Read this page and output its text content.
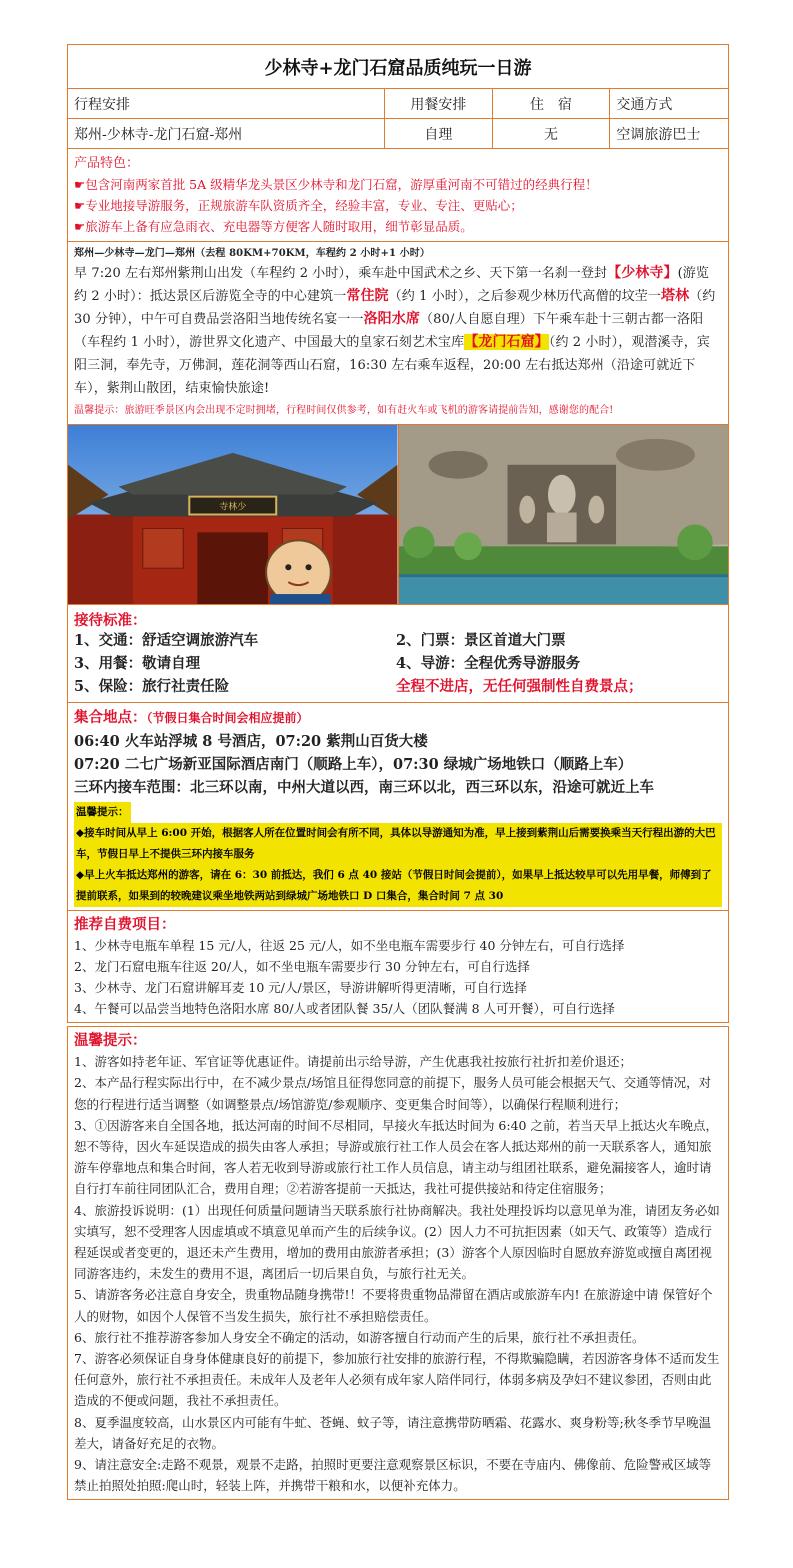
少林寺+龙门石窟品质纯玩一日游
行程安排	用餐安排	住　宿	交通方式
郑州-少林寺-龙门石窟-郑州	自理	无	空调旅游巴士
产品特色：
☛包含河南两家首批 5A 级精华龙头景区少林寺和龙门石窟，游厚重河南不可错过的经典行程！
☛专业地接导游服务，正规旅游车队资质齐全，经验丰富，专业、专注、更贴心；
☛旅游车上备有应急雨衣、充电器等方便客人随时取用，细节彰显品质。
郑州—少林寺—龙门—郑州（去程 80KM+70KM，车程约 2 小时+1 小时）
早 7:20 左右郑州紫荆山出发（车程约 2 小时），乘车赴中国武术之乡、天下第一名刹一登封【少林寺】(游览约 2 小时）：抵达景区后游览全寺的中心建筑一常住院（约 1 小时），之后参观少林历代高僧的坟茔一塔林（约 30 分钟），中午可自费品尝洛阳当地传统名宴一一洛阳水席（80/人自愿自理）下午乘车赴十三朝古都一洛阳（车程约 1 小时），游世界文化遗产、中国最大的皇家石刻艺术宝库【龙门石窟】（约 2 小时），观潜溪寺，宾阳三洞，奉先寺，万佛洞，莲花洞等西山石窟，16:30 左右乘车返程，20:00 左右抵达郑州（沿途可就近下车），紫荆山散团，结束愉快旅途!
温馨提示：旅游旺季景区内会出现不定时拥堵，行程时间仅供参考，如有赶火车或飞机的游客请提前告知，感谢您的配合!
寺林少
接待标准：
1、交通：舒适空调旅游汽车	2、门票：景区首道大门票
3、用餐：敬请自理	4、导游：全程优秀导游服务
5、保险：旅行社责任险	全程不进店，无任何强制性自费景点；
集合地点：（节假日集合时间会相应提前）
06:40 火车站浮城 8 号酒店，07:20 紫荆山百货大楼
07:20 二七广场新亚国际酒店南门（顺路上车），07:30 绿城广场地铁口（顺路上车）
三环内接车范围：北三环以南，中州大道以西，南三环以北，西三环以东，沿途可就近上车
温馨提示：
◆接车时间从早上 6:00 开始，根据客人所在位置时间会有所不同，具体以导游通知为准，早上接到紫荆山后需要换乘当天行程出游的大巴车，节假日早上不提供三环内接车服务
◆早上火车抵达郑州的游客，请在 6：30 前抵达，我们 6 点 40 接站（节假日时间会提前），如果早上抵达较早可以先用早餐，师傅到了提前联系，如果到的较晚建议乘坐地铁两站到绿城广场地铁口 D 口集合，集合时间 7 点 30
推荐自费项目：
1、少林寺电瓶车单程 15 元/人，往返 25 元/人，如不坐电瓶车需要步行 40 分钟左右，可自行选择
2、龙门石窟电瓶车往返 20/人，如不坐电瓶车需要步行 30 分钟左右，可自行选择
3、少林寺、龙门石窟讲解耳麦 10 元/人/景区，导游讲解听得更清晰，可自行选择
4、午餐可以品尝当地特色洛阳水席 80/人或者团队餐 35/人（团队餐满 8 人可开餐），可自行选择
温馨提示：
1、游客如持老年证、军官证等优惠证件。请提前出示给导游，产生优惠我社按旅行社折扣差价退还；
2、本产品行程实际出行中，在不减少景点/场馆且征得您同意的前提下，服务人员可能会根据天气、交通等情况，对您的行程进行适当调整（如调整景点/场馆游览/参观顺序、变更集合时间等），以确保行程顺利进行；
3、①因游客来自全国各地，抵达河南的时间不尽相同，早接火车抵达时间为 6:40 之前，若当天早上抵达火车晚点，恕不等待，因火车延误造成的损失由客人承担；导游或旅行社工作人员会在客人抵达郑州的前一天联系客人，通知旅游车停靠地点和集合时间，客人若无收到导游或旅行社工作人员信息，请主动与组团社联系，避免漏接客人，逾时请自行打车前往同团队汇合，费用自理；②若游客提前一天抵达，我社可提供接站和待定住宿服务；
4、旅游投诉说明：(1）出现任何质量问题请当天联系旅行社协商解决。我社处理投诉均以意见单为准，请团友务必如实填写，恕不受理客人因虚填或不填意见单而产生的后续争议。(2）因人力不可抗拒因素（如天气、政策等）造成行程延误或者变更的，退还未产生费用，增加的费用由旅游者承担；(3）游客个人原因临时自愿放弃游览或擅自离团视同游客违约，未发生的费用不退，离团后一切后果自负，与旅行社无关。
5、请游客务必注意自身安全，贵重物品随身携带!！不要将贵重物品滞留在酒店或旅游车内! 在旅游途中请 保管好个人的财物，如因个人保管不当发生损失，旅行社不承担赔偿责任。
6、旅行社不推荐游客参加人身安全不确定的活动，如游客擅自行动而产生的后果，旅行社不承担责任。
7、游客必须保证自身身体健康良好的前提下，参加旅行社安排的旅游行程，不得欺骗隐瞒，若因游客身体不适而发生任何意外，旅行社不承担责任。未成年人及老年人必须有成年家人陪伴同行，体弱多病及孕妇不建议参团，否则由此造成的不便或问题，我社不承担责任。
8、夏季温度较高，山水景区内可能有牛虻、苍蝇、蚊子等，请注意携带防晒霜、花露水、爽身粉等;秋冬季节早晚温差大，请备好充足的衣物。
9、请注意安全:走路不观景，观景不走路，拍照时更要注意观察景区标识，不要在寺庙内、佛像前、危险警戒区域等禁止拍照处拍照:爬山时，轻装上阵，并携带干粮和水，以便补充体力。
